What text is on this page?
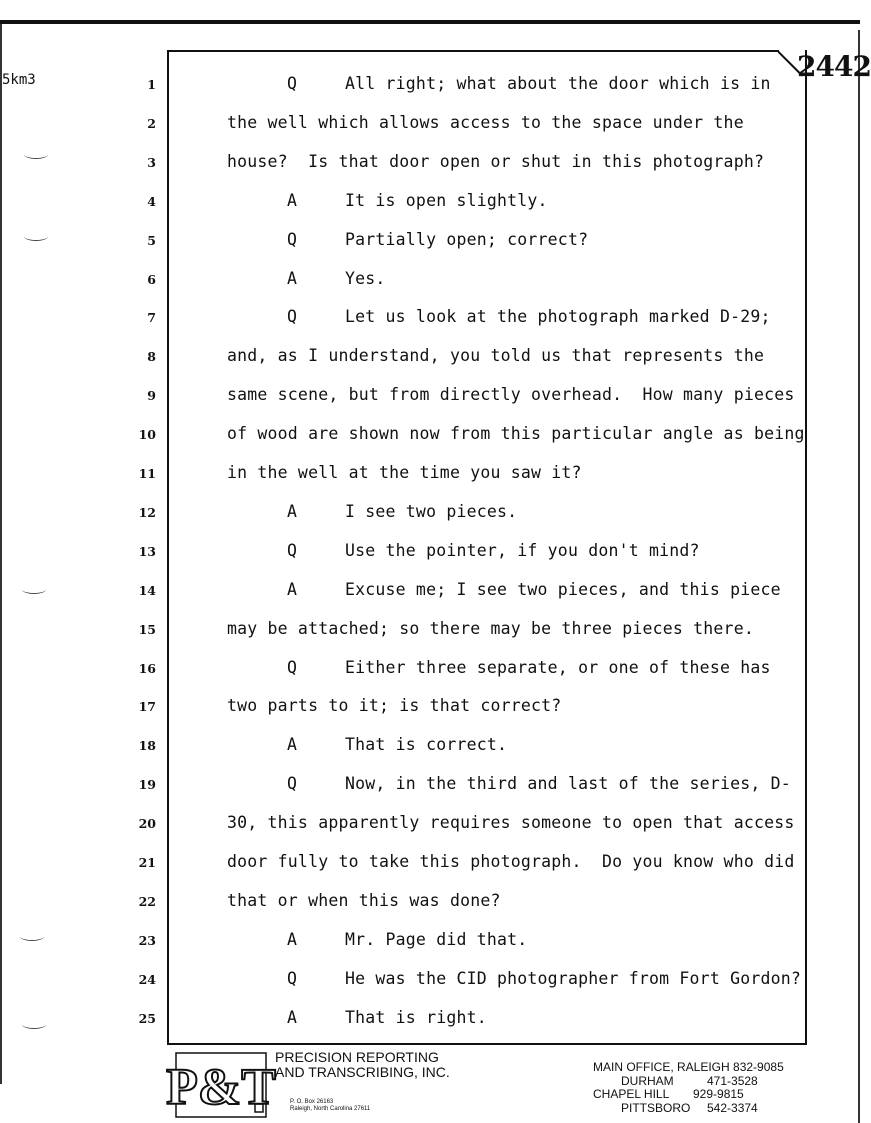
5km3	2442
1	Q	All right; what about the door which is in
2	the well which allows access to the space under the
3	house?  Is that door open or shut in this photograph?
4	A	It is open slightly.
5	Q	Partially open; correct?
6	A	Yes.
7	Q	Let us look at the photograph marked D-29;
8	and, as I understand, you told us that represents the
9	same scene, but from directly overhead.  How many pieces
10	of wood are shown now from this particular angle as being
11	in the well at the time you saw it?
12	A	I see two pieces.
13	Q	Use the pointer, if you don't mind?
14	A	Excuse me; I see two pieces, and this piece
15	may be attached; so there may be three pieces there.
16	Q	Either three separate, or one of these has
17	two parts to it; is that correct?
18	A	That is correct.
19	Q	Now, in the third and last of the series, D-
20	30, this apparently requires someone to open that access
21	door fully to take this photograph.  Do you know who did
22	that or when this was done?
23	A	Mr. Page did that.
24	Q	He was the CID photographer from Fort Gordon?
25	A	That is right.
P&T
PRECISION REPORTING
AND TRANSCRIBING, INC.
P. O. Box 26163
Raleigh, North Carolina 27611
MAIN OFFICE, RALEIGH
832-9085
DURHAM	471-3528
CHAPEL HILL	929-9815
PITTSBORO	542-3374
